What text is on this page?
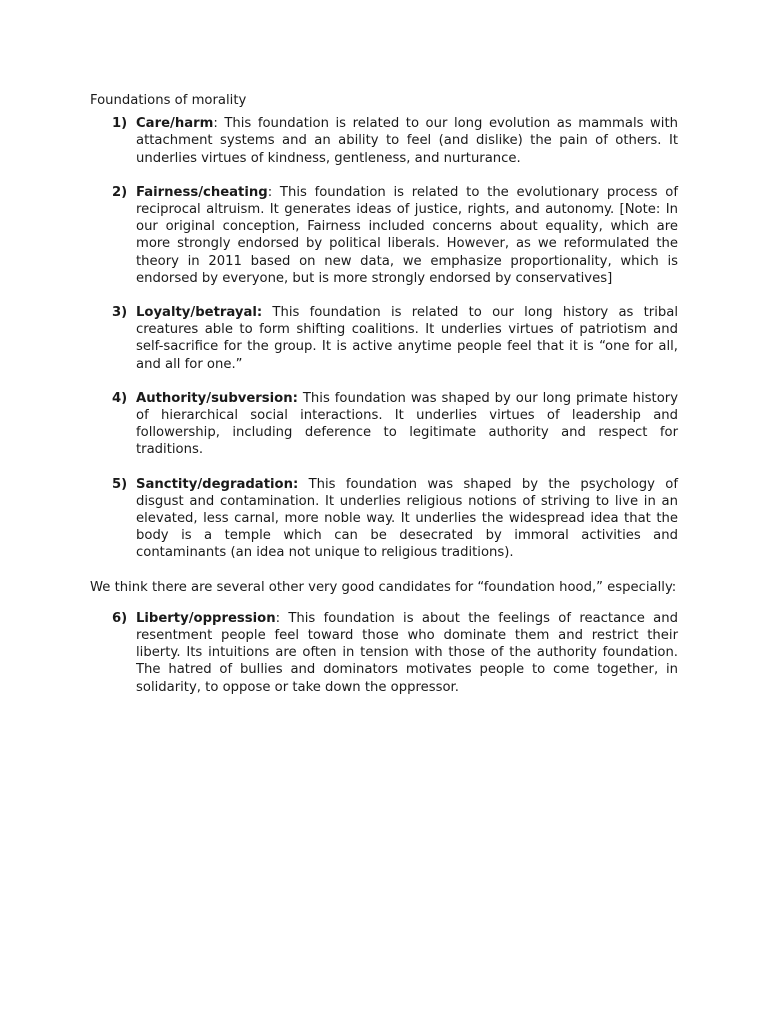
Foundations of morality
1) Care/harm: This foundation is related to our long evolution as mammals with attachment systems and an ability to feel (and dislike) the pain of others. It underlies virtues of kindness, gentleness, and nurturance.
2) Fairness/cheating: This foundation is related to the evolutionary process of reciprocal altruism. It generates ideas of justice, rights, and autonomy. [Note: In our original conception, Fairness included concerns about equality, which are more strongly endorsed by political liberals. However, as we reformulated the theory in 2011 based on new data, we emphasize proportionality, which is endorsed by everyone, but is more strongly endorsed by conservatives]
3) Loyalty/betrayal: This foundation is related to our long history as tribal creatures able to form shifting coalitions. It underlies virtues of patriotism and self-sacrifice for the group. It is active anytime people feel that it is “one for all, and all for one.”
4) Authority/subversion: This foundation was shaped by our long primate history of hierarchical social interactions. It underlies virtues of leadership and followership, including deference to legitimate authority and respect for traditions.
5) Sanctity/degradation: This foundation was shaped by the psychology of disgust and contamination. It underlies religious notions of striving to live in an elevated, less carnal, more noble way. It underlies the widespread idea that the body is a temple which can be desecrated by immoral activities and contaminants (an idea not unique to religious traditions).

We think there are several other very good candidates for “foundation hood,” especially:

6) Liberty/oppression: This foundation is about the feelings of reactance and resentment people feel toward those who dominate them and restrict their liberty. Its intuitions are often in tension with those of the authority foundation. The hatred of bullies and dominators motivates people to come together, in solidarity, to oppose or take down the oppressor.
